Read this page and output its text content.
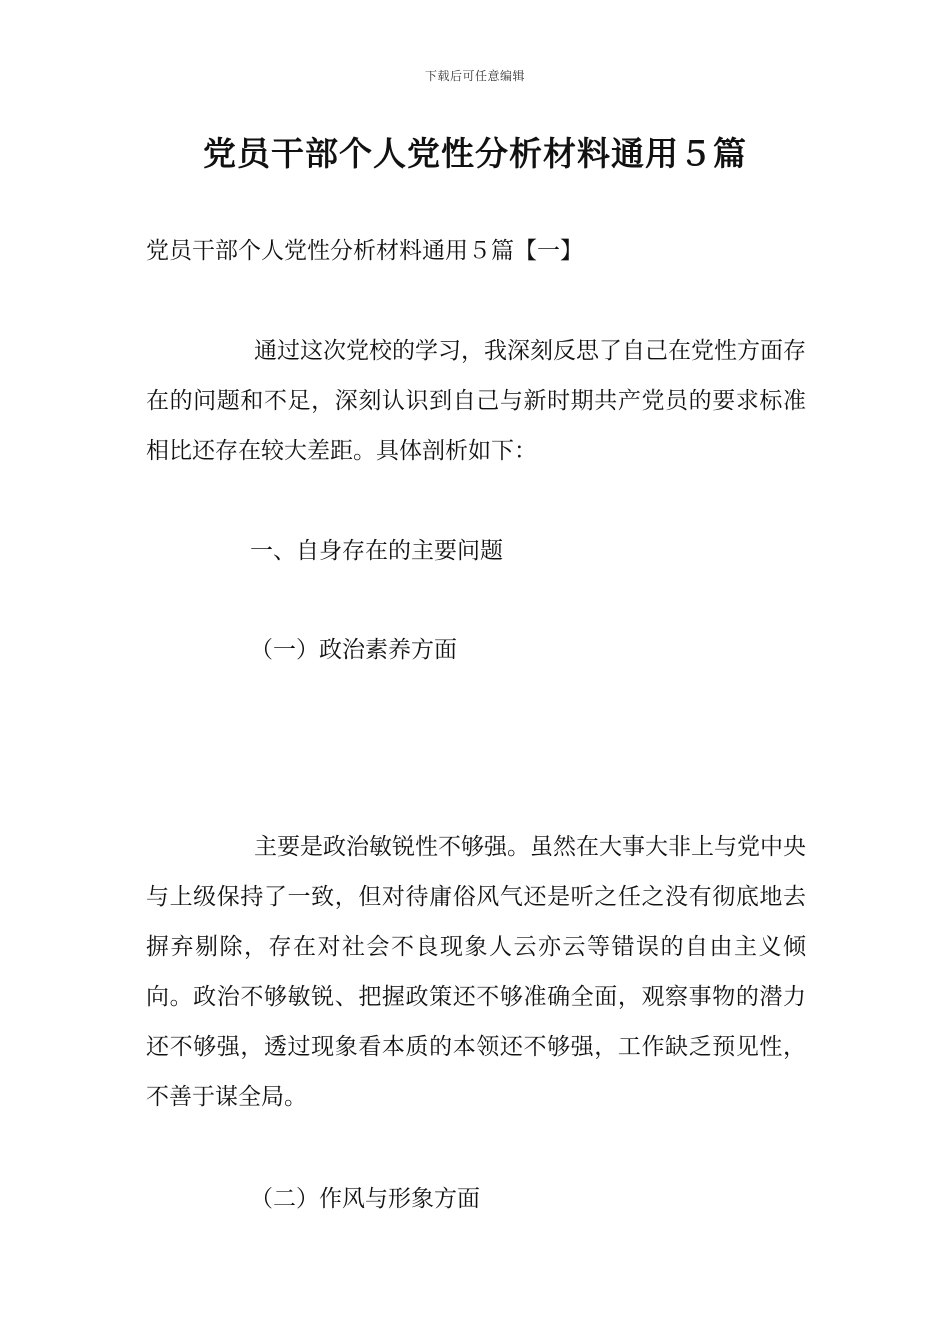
下载后可任意编辑
党员干部个人党性分析材料通用５篇
党员干部个人党性分析材料通用５篇【一】
通过这次党校的学习，我深刻反思了自己在党性方面存在的问题和不足，深刻认识到自己与新时期共产党员的要求标准相比还存在较大差距。具体剖析如下：
一、自身存在的主要问题
（一）政治素养方面
主要是政治敏锐性不够强。虽然在大事大非上与党中央与上级保持了一致，但对待庸俗风气还是听之任之没有彻底地去摒弃剔除，存在对社会不良现象人云亦云等错误的自由主义倾向。政治不够敏锐、把握政策还不够准确全面，观察事物的潜力还不够强，透过现象看本质的本领还不够强，工作缺乏预见性，不善于谋全局。
（二）作风与形象方面
